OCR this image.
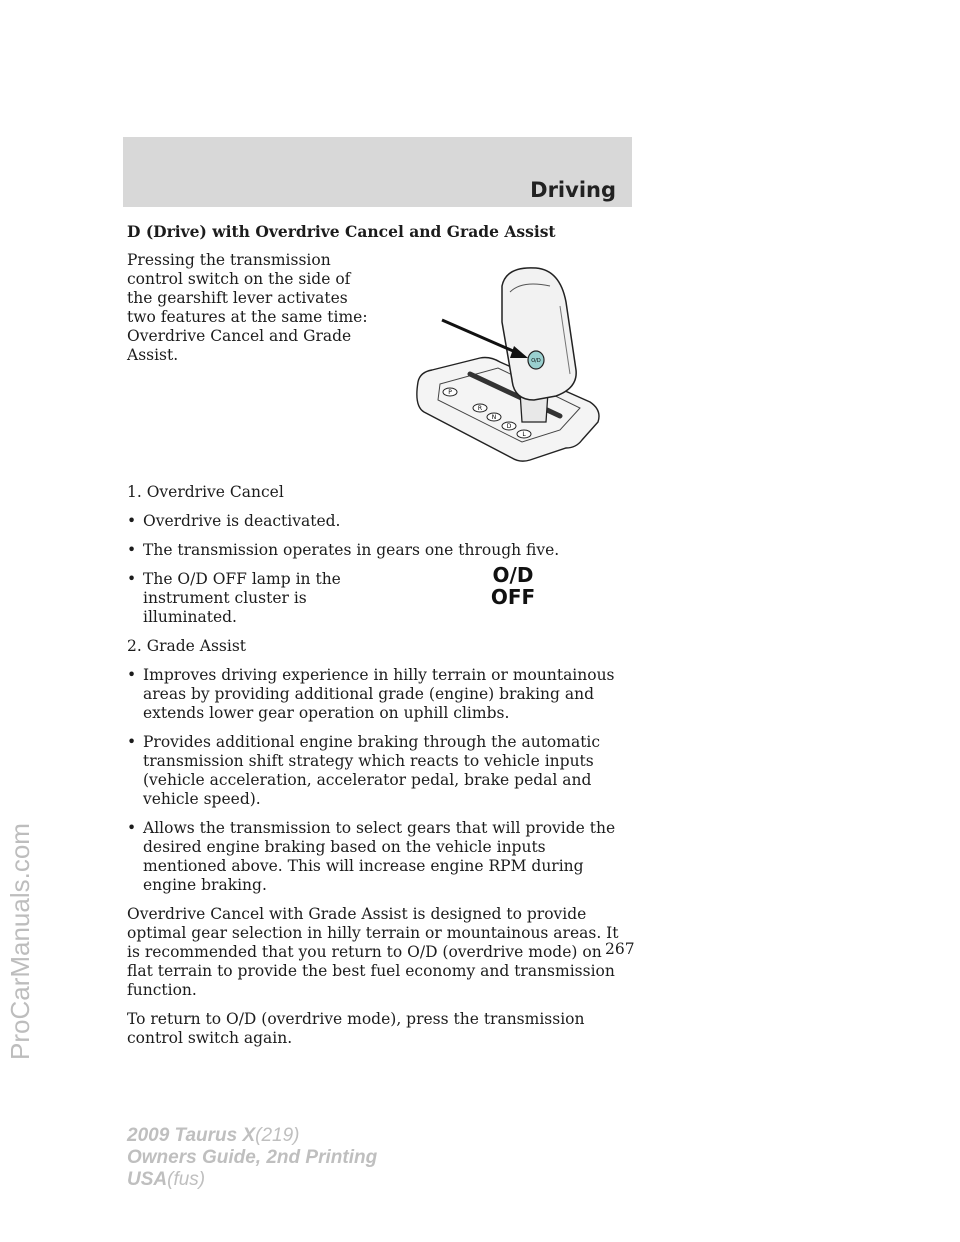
Driving

D (Drive) with Overdrive Cancel and Grade Assist

Pressing the transmission control switch on the side of the gearshift lever activates two features at the same time: Overdrive Cancel and Grade Assist.

1. Overdrive Cancel

• Overdrive is deactivated.
• The transmission operates in gears one through five.
• The O/D OFF lamp in the instrument cluster is illuminated.

2. Grade Assist

• Improves driving experience in hilly terrain or mountainous areas by providing additional grade (engine) braking and extends lower gear operation on uphill climbs.
• Provides additional engine braking through the automatic transmission shift strategy which reacts to vehicle inputs (vehicle acceleration, accelerator pedal, brake pedal and vehicle speed).
• Allows the transmission to select gears that will provide the desired engine braking based on the vehicle inputs mentioned above. This will increase engine RPM during engine braking.

Overdrive Cancel with Grade Assist is designed to provide optimal gear selection in hilly terrain or mountainous areas. It is recommended that you return to O/D (overdrive mode) on flat terrain to provide the best fuel economy and transmission function.

To return to O/D (overdrive mode), press the transmission control switch again.

P
R
N
D
L
O/D
O/D
OFF
267
ProCarManuals.com
2009 Taurus X(219)
Owners Guide, 2nd Printing
USA(fus)
